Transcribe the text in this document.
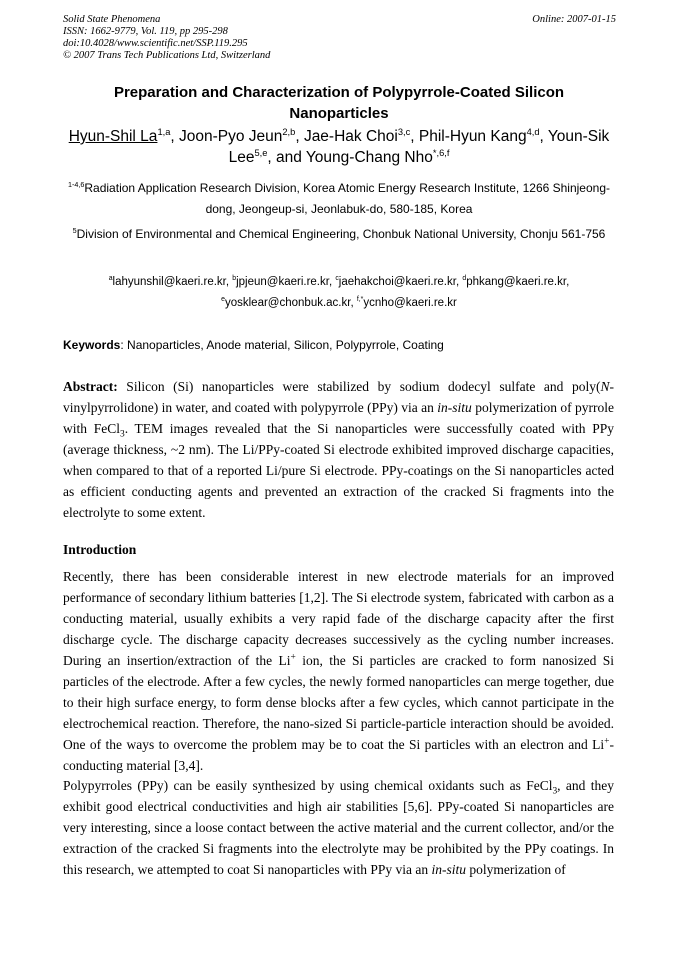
Solid State Phenomena
ISSN: 1662-9779, Vol. 119, pp 295-298
doi:10.4028/www.scientific.net/SSP.119.295
© 2007 Trans Tech Publications Ltd, Switzerland
Online: 2007-01-15
Preparation and Characterization of Polypyrrole-Coated Silicon Nanoparticles
Hyun-Shil La$^{1,a}$, Joon-Pyo Jeun$^{2,b}$, Jae-Hak Choi$^{3,c}$, Phil-Hyun Kang$^{4,d}$, Youn-Sik Lee$^{5,e}$, and Young-Chang Nho$^{*,6,f}$
$^{1-4,6}$Radiation Application Research Division, Korea Atomic Energy Research Institute, 1266 Shinjeong-dong, Jeongeup-si, Jeonlabuk-do, 580-185, Korea
$^5$Division of Environmental and Chemical Engineering, Chonbuk National University, Chonju 561-756
$^a$lahyunshil@kaeri.re.kr, $^b$jpjeun@kaeri.re.kr, $^c$jaehakchoi@kaeri.re.kr, $^d$phkang@kaeri.re.kr,
$^e$yosklear@chonbuk.ac.kr, $^{f,*}$ycnho@kaeri.re.kr
Keywords: Nanoparticles, Anode material, Silicon, Polypyrrole, Coating
Abstract: Silicon (Si) nanoparticles were stabilized by sodium dodecyl sulfate and poly(N-vinylpyrrolidone) in water, and coated with polypyrrole (PPy) via an in-situ polymerization of pyrrole with FeCl$_3$. TEM images revealed that the Si nanoparticles were successfully coated with PPy (average thickness, ~2 nm). The Li/PPy-coated Si electrode exhibited improved discharge capacities, when compared to that of a reported Li/pure Si electrode. PPy-coatings on the Si nanoparticles acted as efficient conducting agents and prevented an extraction of the cracked Si fragments into the electrolyte to some extent.
Introduction
Recently, there has been considerable interest in new electrode materials for an improved performance of secondary lithium batteries [1,2]. The Si electrode system, fabricated with carbon as a conducting material, usually exhibits a very rapid fade of the discharge capacity after the first discharge cycle. The discharge capacity decreases successively as the cycling number increases. During an insertion/extraction of the Li+ ion, the Si particles are cracked to form nanosized Si particles of the electrode. After a few cycles, the newly formed nanoparticles can merge together, due to their high surface energy, to form dense blocks after a few cycles, which cannot participate in the electrochemical reaction. Therefore, the nano-sized Si particle-particle interaction should be avoided. One of the ways to overcome the problem may be to coat the Si particles with an electron and Li+-conducting material [3,4].
Polypyrroles (PPy) can be easily synthesized by using chemical oxidants such as FeCl$_3$, and they exhibit good electrical conductivities and high air stabilities [5,6]. PPy-coated Si nanoparticles are very interesting, since a loose contact between the active material and the current collector, and/or the extraction of the cracked Si fragments into the electrolyte may be prohibited by the PPy coatings. In this research, we attempted to coat Si nanoparticles with PPy via an in-situ polymerization of
